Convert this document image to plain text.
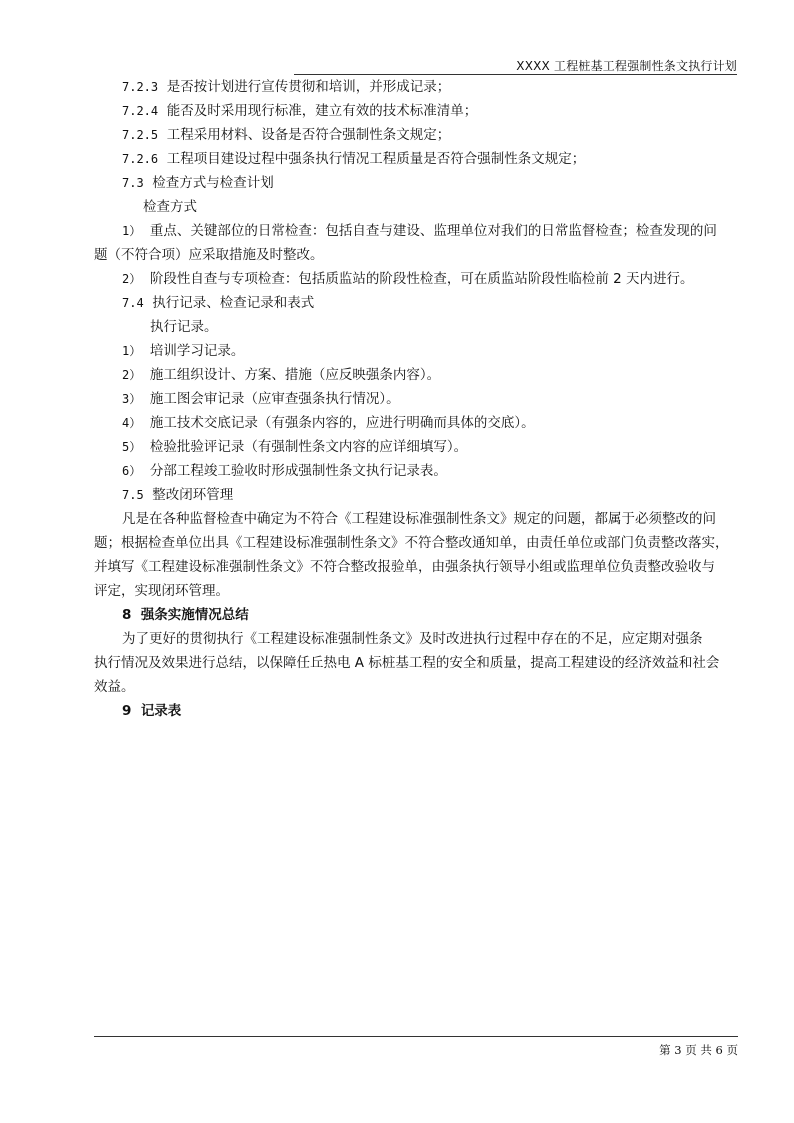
XXXX 工程桩基工程强制性条文执行计划
7.2.3 是否按计划进行宣传贯彻和培训，并形成记录；
7.2.4 能否及时采用现行标准，建立有效的技术标准清单；
7.2.5 工程采用材料、设备是否符合强制性条文规定；
7.2.6 工程项目建设过程中强条执行情况工程质量是否符合强制性条文规定；
7.3 检查方式与检查计划
检查方式
1） 重点、关键部位的日常检查：包括自查与建设、监理单位对我们的日常监督检查；检查发现的问
题（不符合项）应采取措施及时整改。
2） 阶段性自查与专项检查：包括质监站的阶段性检查，可在质监站阶段性临检前 2 天内进行。
7.4 执行记录、检查记录和表式
执行记录。
1） 培训学习记录。
2） 施工组织设计、方案、措施（应反映强条内容）。
3） 施工图会审记录（应审查强条执行情况）。
4） 施工技术交底记录（有强条内容的，应进行明确而具体的交底）。
5） 检验批验评记录（有强制性条文内容的应详细填写）。
6） 分部工程竣工验收时形成强制性条文执行记录表。
7.5 整改闭环管理
凡是在各种监督检查中确定为不符合《工程建设标准强制性条文》规定的问题，都属于必须整改的问
题；根据检查单位出具《工程建设标准强制性条文》不符合整改通知单，由责任单位或部门负责整改落实，
并填写《工程建设标准强制性条文》不符合整改报验单，由强条执行领导小组或监理单位负责整改验收与
评定，实现闭环管理。
8 强条实施情况总结
为了更好的贯彻执行《工程建设标准强制性条文》及时改进执行过程中存在的不足，应定期对强条
执行情况及效果进行总结，以保障任丘热电 A 标桩基工程的安全和质量，提高工程建设的经济效益和社会
效益。
9 记录表
第 3 页 共 6 页
